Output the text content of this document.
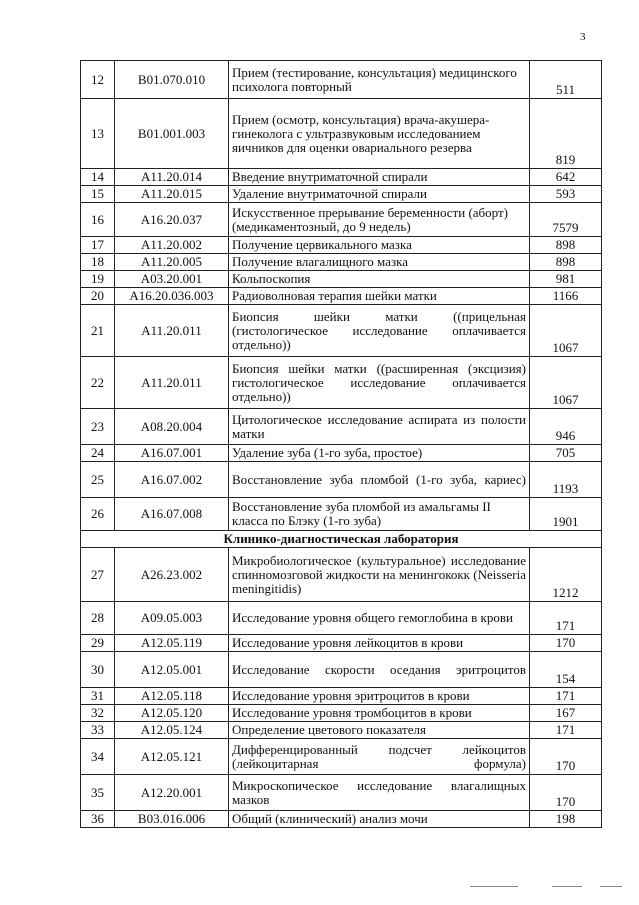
3
12	B01.070.010	Прием (тестирование, консультация) медицинского психолога повторный	511
13	B01.001.003	Прием (осмотр, консультация) врача-акушера-гинеколога с ультразвуковым исследованием яичников для оценки овариального резерва	819
14	A11.20.014	Введение внутриматочной спирали	642
15	A11.20.015	Удаление внутриматочной спирали	593
16	A16.20.037	Искусственное прерывание беременности (аборт) (медикаментозный, до 9 недель)	7579
17	A11.20.002	Получение цервикального мазка	898
18	A11.20.005	Получение влагалищного мазка	898
19	A03.20.001	Кольпоскопия	981
20	A16.20.036.003	Радиоволновая терапия шейки матки	1166
21	A11.20.011	Биопсия шейки матки ((прицельная (гистологическое исследование оплачивается отдельно))	1067
22	A11.20.011	Биопсия шейки матки ((расширенная (эксцизия) гистологическое исследование оплачивается отдельно))	1067
23	A08.20.004	Цитологическое исследование аспирата из полости матки	946
24	A16.07.001	Удаление зуба (1-го зуба, простое)	705
25	A16.07.002	Восстановление зуба пломбой (1-го зуба, кариес)	1193
26	A16.07.008	Восстановление зуба пломбой из амальгамы II класса по Блэку (1-го зуба)	1901
Клинико-диагностическая лаборатория			
27	A26.23.002	Микробиологическое (культуральное) исследование спинномозговой жидкости на менингококк (Neisseria meningitidis)	1212
28	A09.05.003	Исследование уровня общего гемоглобина в крови	171
29	A12.05.119	Исследование уровня лейкоцитов в крови	170
30	A12.05.001	Исследование скорости оседания эритроцитов	154
31	A12.05.118	Исследование уровня эритроцитов в крови	171
32	A12.05.120	Исследование уровня тромбоцитов в крови	167
33	A12.05.124	Определение цветового показателя	171
34	A12.05.121	Дифференцированный подсчет лейкоцитов (лейкоцитарная формула)	170
35	A12.20.001	Микроскопическое исследование влагалищных мазков	170
36	B03.016.006	Общий (клинический) анализ мочи	198
